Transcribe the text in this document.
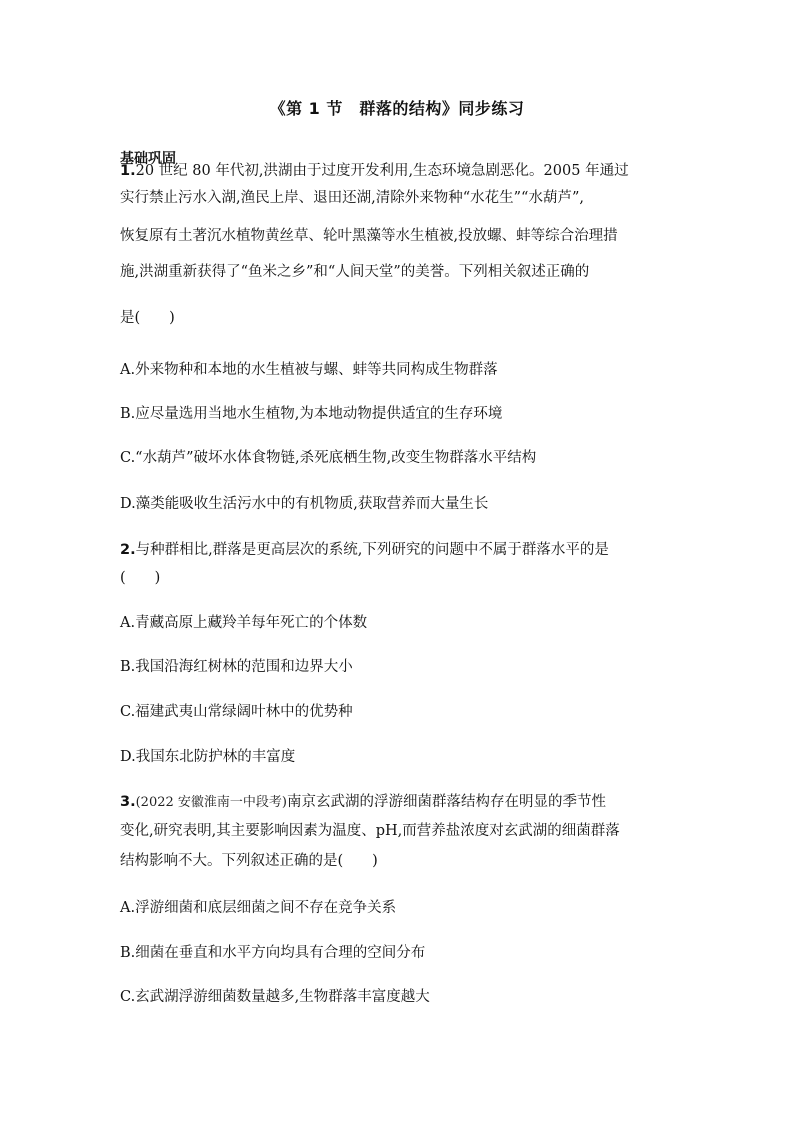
《第 1 节　群落的结构》同步练习
基础巩固
1.20 世纪 80 年代初,洪湖由于过度开发利用,生态环境急剧恶化。2005 年通过
实行禁止污水入湖,渔民上岸、退田还湖,清除外来物种“水花生”“水葫芦”,
恢复原有土著沉水植物黄丝草、轮叶黑藻等水生植被,投放螺、蚌等综合治理措
施,洪湖重新获得了“鱼米之乡”和“人间天堂”的美誉。下列相关叙述正确的
是(　　)
A.外来物种和本地的水生植被与螺、蚌等共同构成生物群落
B.应尽量选用当地水生植物,为本地动物提供适宜的生存环境
C.“水葫芦”破坏水体食物链,杀死底栖生物,改变生物群落水平结构
D.藻类能吸收生活污水中的有机物质,获取营养而大量生长
2.与种群相比,群落是更高层次的系统,下列研究的问题中不属于群落水平的是
(　　)
A.青藏高原上藏羚羊每年死亡的个体数
B.我国沿海红树林的范围和边界大小
C.福建武夷山常绿阔叶林中的优势种
D.我国东北防护林的丰富度
3.(2022 安徽淮南一中段考)南京玄武湖的浮游细菌群落结构存在明显的季节性
变化,研究表明,其主要影响因素为温度、pH,而营养盐浓度对玄武湖的细菌群落
结构影响不大。下列叙述正确的是(　　)
A.浮游细菌和底层细菌之间不存在竞争关系
B.细菌在垂直和水平方向均具有合理的空间分布
C.玄武湖浮游细菌数量越多,生物群落丰富度越大
